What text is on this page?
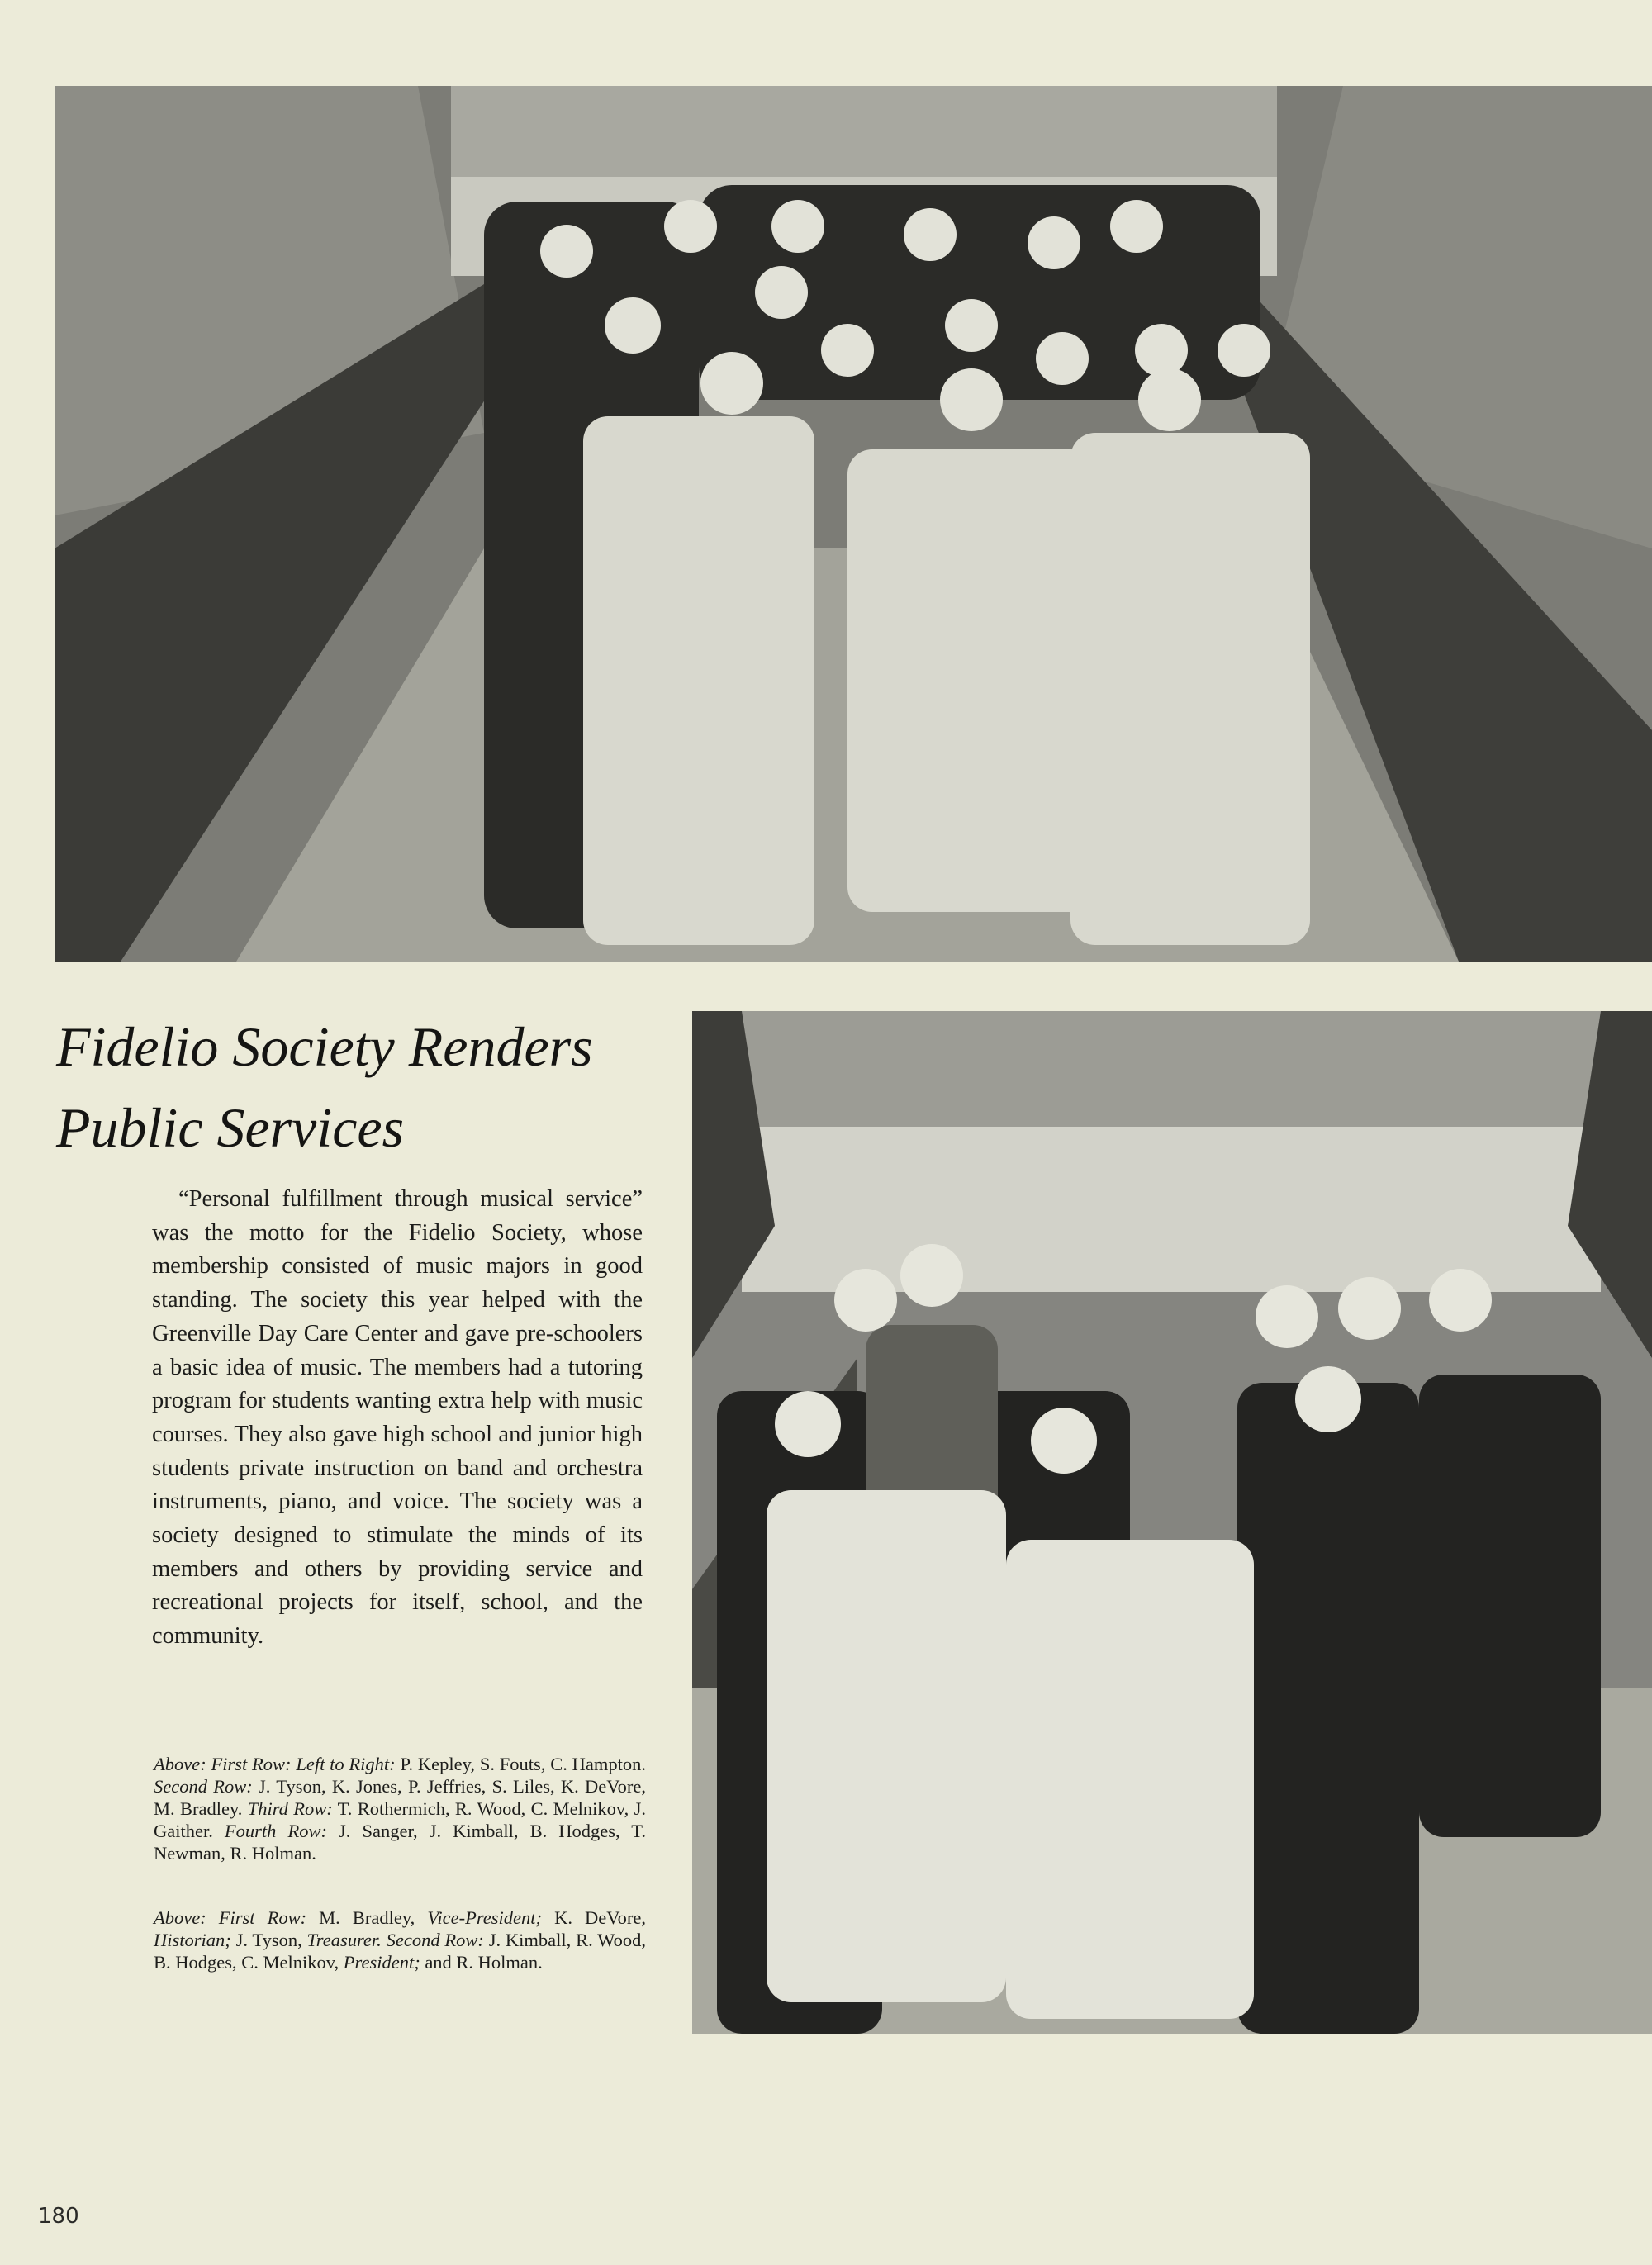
Fidelio Society Renders Public Services

“Personal fulfillment through musical service” was the motto for the Fidelio Society, whose membership consisted of music majors in good standing. The society this year helped with the Greenville Day Care Center and gave pre-schoolers a basic idea of music. The members had a tutoring program for students wanting extra help with music courses. They also gave high school and junior high students private instruction on band and orchestra instruments, piano, and voice. The society was a society designed to stimulate the minds of its members and others by providing service and recreational projects for itself, school, and the community.

Above: First Row: Left to Right: P. Kepley, S. Fouts, C. Hampton. Second Row: J. Tyson, K. Jones, P. Jeffries, S. Liles, K. DeVore, M. Bradley. Third Row: T. Rothermich, R. Wood, C. Melnikov, J. Gaither. Fourth Row: J. Sanger, J. Kimball, B. Hodges, T. Newman, R. Holman.

Above: First Row: M. Bradley, Vice-President; K. DeVore, Historian; J. Tyson, Treasurer. Second Row: J. Kimball, R. Wood, B. Hodges, C. Melnikov, President; and R. Holman.

180
